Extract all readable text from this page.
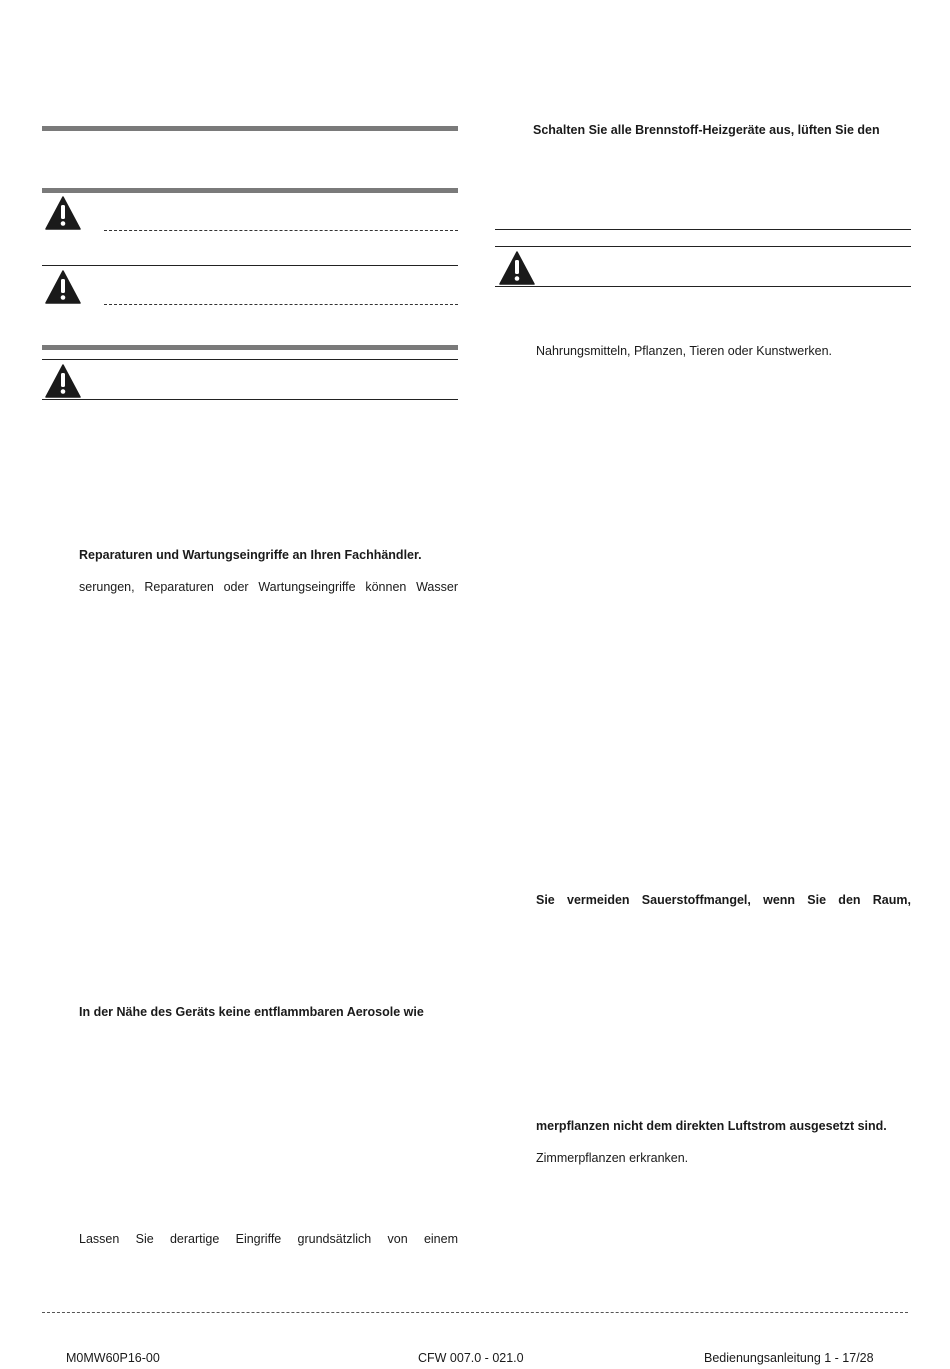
Reparaturen und Wartungseingriffe an Ihren Fachhändler.
serungen, Reparaturen oder Wartungseingriffe können Wasser
In der Nähe des Geräts keine entflammbaren Aerosole wie
Lassen Sie derartige Eingriffe grundsätzlich von einem
Schalten Sie alle Brennstoff-Heizgeräte aus, lüften Sie den
Nahrungsmitteln, Pflanzen, Tieren oder Kunstwerken.
Sie vermeiden Sauerstoffmangel, wenn Sie den Raum,
merpflanzen nicht dem direkten Luftstrom ausgesetzt sind.
Zimmerpflanzen erkranken.
M0MW60P16-00	CFW 007.0 - 021.0	Bedienungsanleitung 1 - 17/28
